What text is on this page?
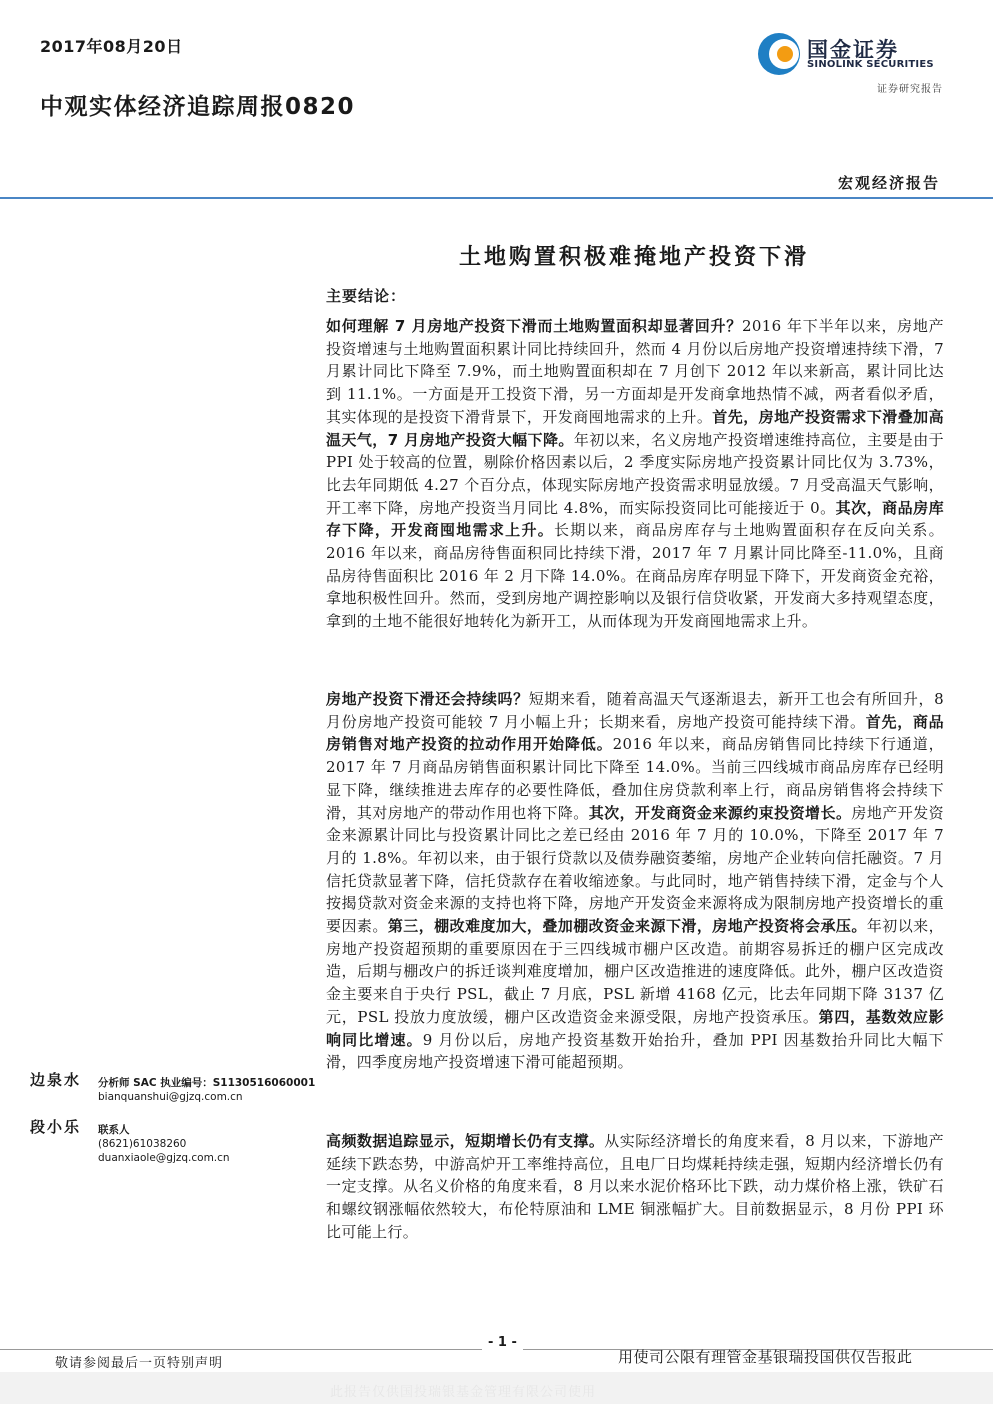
2017年08月20日
中观实体经济追踪周报0820
国金证券
SINOLINK SECURITIES
证券研究报告
宏观经济报告
土地购置积极难掩地产投资下滑
主要结论：
如何理解 7 月房地产投资下滑而土地购置面积却显著回升？2016 年下半年以来，房地产投资增速与土地购置面积累计同比持续回升，然而 4 月份以后房地产投资增速持续下滑，7 月累计同比下降至 7.9%，而土地购置面积却在 7 月创下 2012 年以来新高，累计同比达到 11.1%。一方面是开工投资下滑，另一方面却是开发商拿地热情不减，两者看似矛盾，其实体现的是投资下滑背景下，开发商囤地需求的上升。首先，房地产投资需求下滑叠加高温天气，7 月房地产投资大幅下降。年初以来，名义房地产投资增速维持高位，主要是由于 PPI 处于较高的位置，剔除价格因素以后，2 季度实际房地产投资累计同比仅为 3.73%，比去年同期低 4.27 个百分点，体现实际房地产投资需求明显放缓。7 月受高温天气影响，开工率下降，房地产投资当月同比 4.8%，而实际投资同比可能接近于 0。其次，商品房库存下降，开发商囤地需求上升。长期以来，商品房库存与土地购置面积存在反向关系。2016 年以来，商品房待售面积同比持续下滑，2017 年 7 月累计同比降至-11.0%，且商品房待售面积比 2016 年 2 月下降 14.0%。在商品房库存明显下降下，开发商资金充裕，拿地积极性回升。然而，受到房地产调控影响以及银行信贷收紧，开发商大多持观望态度，拿到的土地不能很好地转化为新开工，从而体现为开发商囤地需求上升。
房地产投资下滑还会持续吗？短期来看，随着高温天气逐渐退去，新开工也会有所回升，8 月份房地产投资可能较 7 月小幅上升；长期来看，房地产投资可能持续下滑。首先，商品房销售对地产投资的拉动作用开始降低。2016 年以来，商品房销售同比持续下行通道，2017 年 7 月商品房销售面积累计同比下降至 14.0%。当前三四线城市商品房库存已经明显下降，继续推进去库存的必要性降低，叠加住房贷款利率上行，商品房销售将会持续下滑，其对房地产的带动作用也将下降。其次，开发商资金来源约束投资增长。房地产开发资金来源累计同比与投资累计同比之差已经由 2016 年 7 月的 10.0%，下降至 2017 年 7 月的 1.8%。年初以来，由于银行贷款以及债券融资萎缩，房地产企业转向信托融资。7 月信托贷款显著下降，信托贷款存在着收缩迹象。与此同时，地产销售持续下滑，定金与个人按揭贷款对资金来源的支持也将下降，房地产开发资金来源将成为限制房地产投资增长的重要因素。第三，棚改难度加大，叠加棚改资金来源下滑，房地产投资将会承压。年初以来，房地产投资超预期的重要原因在于三四线城市棚户区改造。前期容易拆迁的棚户区完成改造，后期与棚改户的拆迁谈判难度增加，棚户区改造推进的速度降低。此外，棚户区改造资金主要来自于央行 PSL，截止 7 月底，PSL 新增 4168 亿元，比去年同期下降 3137 亿元，PSL 投放力度放缓，棚户区改造资金来源受限，房地产投资承压。第四，基数效应影响同比增速。9 月份以后，房地产投资基数开始抬升，叠加 PPI 因基数抬升同比大幅下滑，四季度房地产投资增速下滑可能超预期。
高频数据追踪显示，短期增长仍有支撑。从实际经济增长的角度来看，8 月以来，下游地产延续下跌态势，中游高炉开工率维持高位，且电厂日均煤耗持续走强，短期内经济增长仍有一定支撑。从名义价格的角度来看，8 月以来水泥价格环比下跌，动力煤价格上涨，铁矿石和螺纹钢涨幅依然较大，布伦特原油和 LME 铜涨幅扩大。目前数据显示，8 月份 PPI 环比可能上行。
边泉水 分析师 SAC 执业编号：S1130516060001
bianquanshui@gjzq.com.cn
段小乐 联系人
(8621)61038260
duanxiaole@gjzq.com.cn
- 1 -
敬请参阅最后一页特别声明	用使司公限有理管金基银瑞投国供仅告报此
此报告仅供国投瑞银基金管理有限公司使用
